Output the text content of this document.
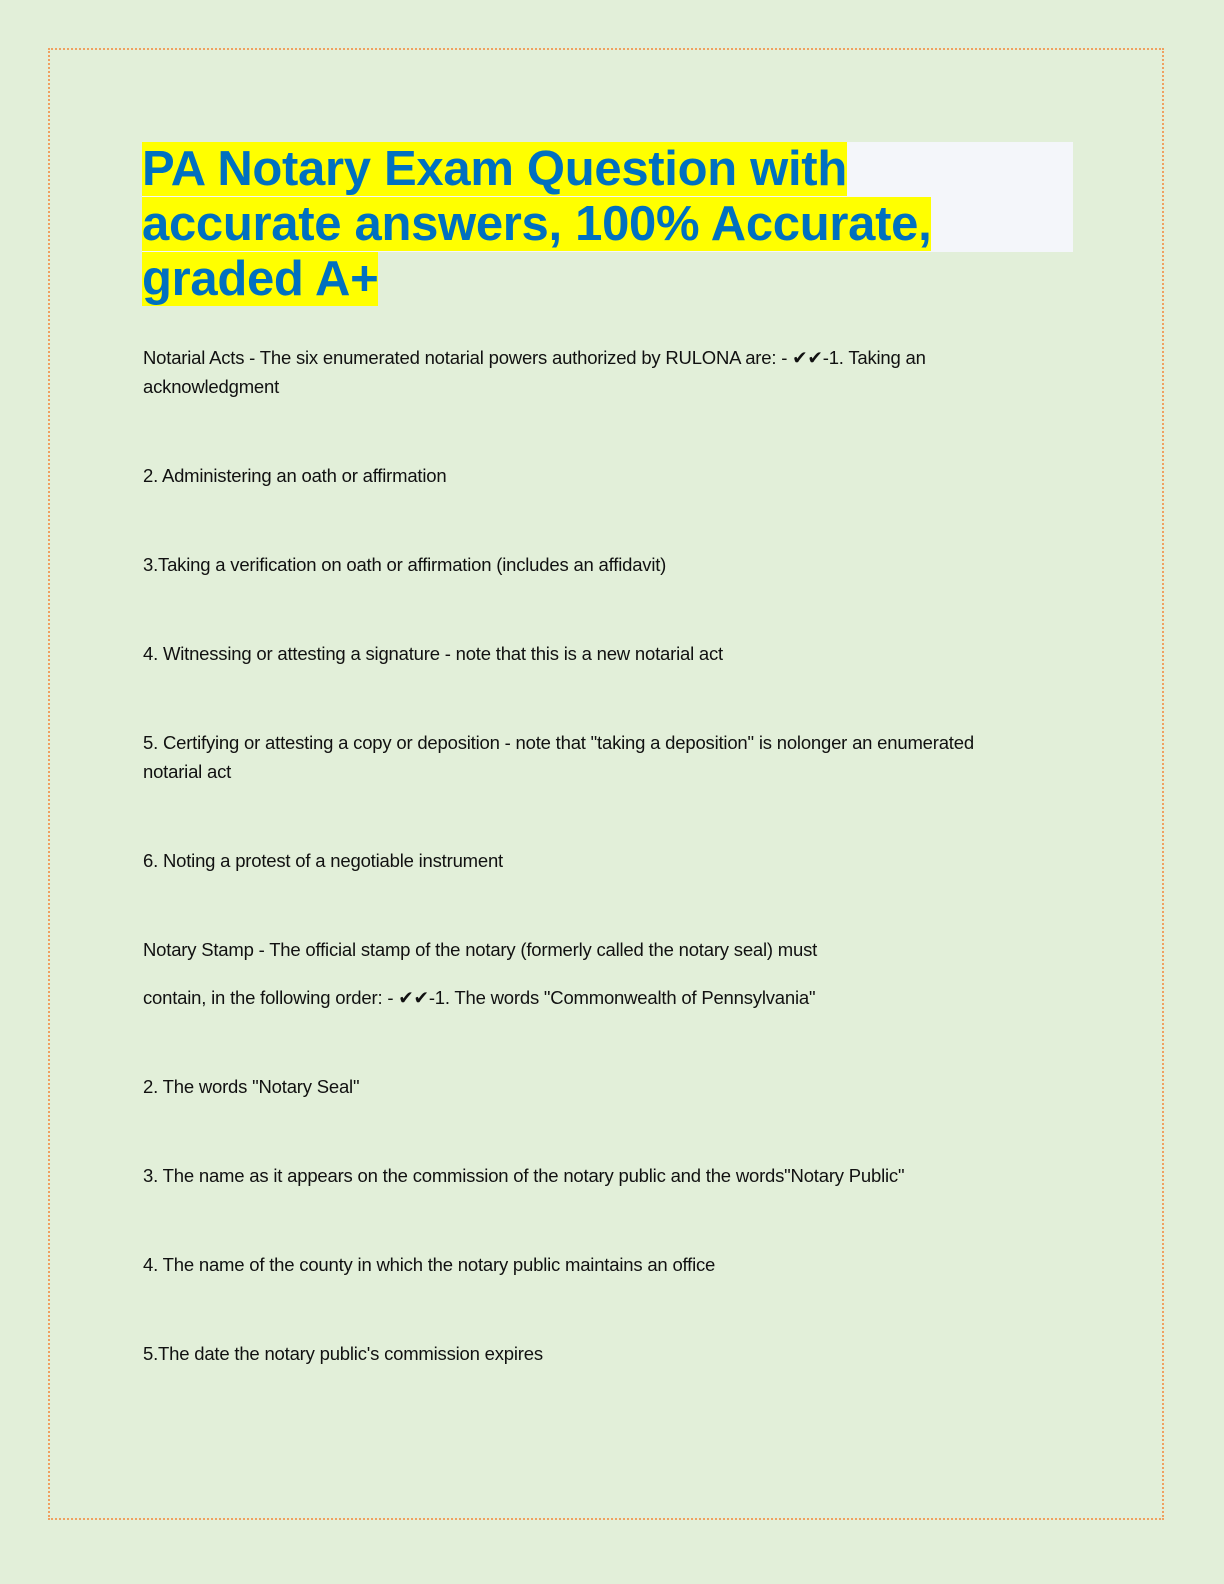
PA Notary Exam Question with accurate answers, 100% Accurate, graded A+

Notarial Acts - The six enumerated notarial powers authorized by RULONA are: - ✔✔-1. Taking an acknowledgment

2. Administering an oath or affirmation

3.Taking a verification on oath or affirmation (includes an affidavit)

4. Witnessing or attesting a signature - note that this is a new notarial act

5. Certifying or attesting a copy or deposition - note that "taking a deposition" is nolonger an enumerated notarial act

6. Noting a protest of a negotiable instrument

Notary Stamp - The official stamp of the notary (formerly called the notary seal) must

contain, in the following order: - ✔✔-1. The words "Commonwealth of Pennsylvania"

2. The words "Notary Seal"

3. The name as it appears on the commission of the notary public and the words"Notary Public"

4. The name of the county in which the notary public maintains an office

5.The date the notary public's commission expires
